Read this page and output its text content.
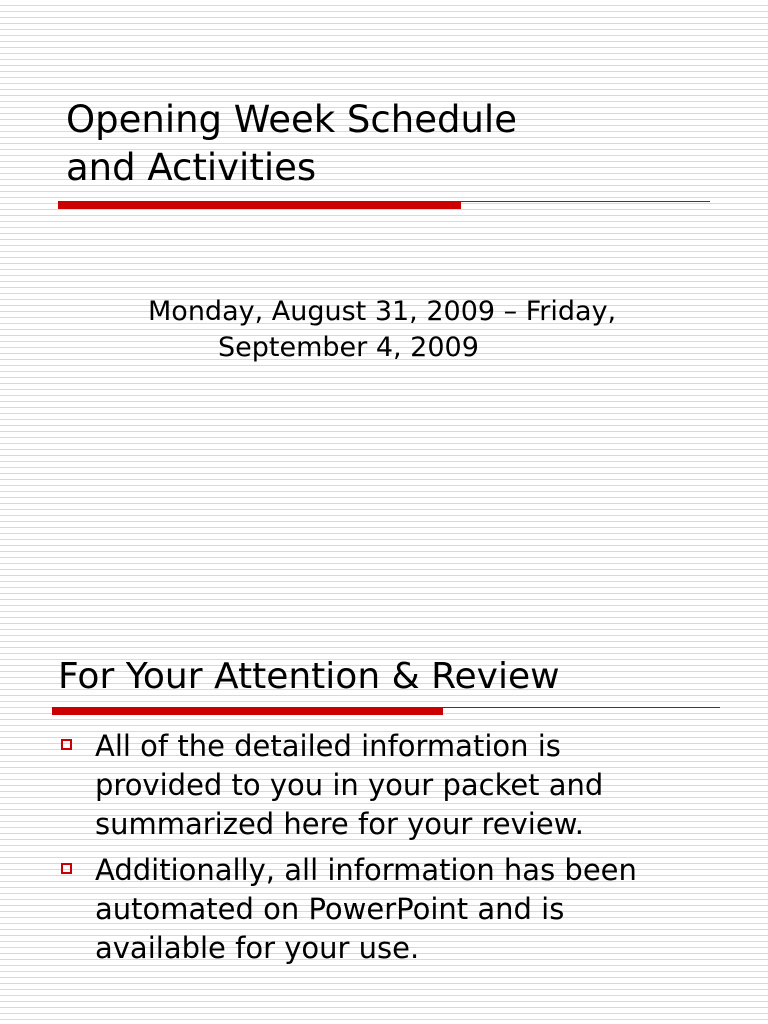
Opening Week Schedule
and Activities
Monday, August 31, 2009 – Friday,
September 4, 2009
For Your Attention & Review
All of the detailed information is
provided to you in your packet and
summarized here for your review.
Additionally, all information has been
automated on PowerPoint and is
available for your use.
